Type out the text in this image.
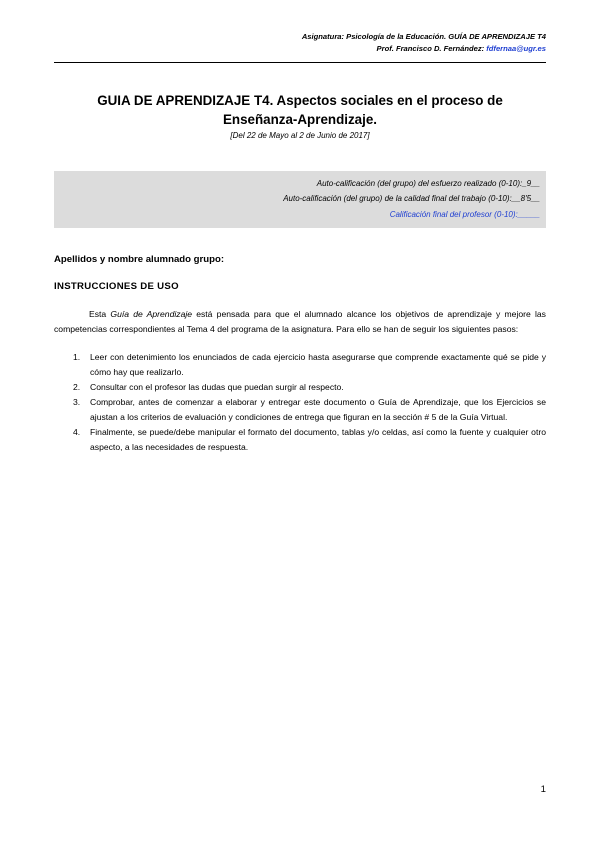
Asignatura: Psicología de la Educación. GUÍA DE APRENDIZAJE T4
Prof. Francisco D. Fernández: fdfernaa@ugr.es
GUIA DE APRENDIZAJE T4. Aspectos sociales en el proceso de
Enseñanza-Aprendizaje.
[Del 22 de Mayo al 2 de Junio de 2017]
Auto-calificación (del grupo) del esfuerzo realizado (0-10):_9__
Auto-calificación (del grupo) de la calidad final del trabajo (0-10):__8'5__
Calificación final del profesor (0-10):_____
Apellidos y nombre alumnado grupo:
INSTRUCCIONES DE USO
Esta Guía de Aprendizaje está pensada para que el alumnado alcance los objetivos de aprendizaje y mejore las competencias correspondientes al Tema 4 del programa de la asignatura. Para ello se han de seguir los siguientes pasos:
1. Leer con detenimiento los enunciados de cada ejercicio hasta asegurarse que comprende exactamente qué se pide y cómo hay que realizarlo.
2. Consultar con el profesor las dudas que puedan surgir al respecto.
3. Comprobar, antes de comenzar a elaborar y entregar este documento o Guía de Aprendizaje, que los Ejercicios se ajustan a los criterios de evaluación y condiciones de entrega que figuran en la sección # 5 de la Guía Virtual.
4. Finalmente, se puede/debe manipular el formato del documento, tablas y/o celdas, así como la fuente y cualquier otro aspecto, a las necesidades de respuesta.
1
